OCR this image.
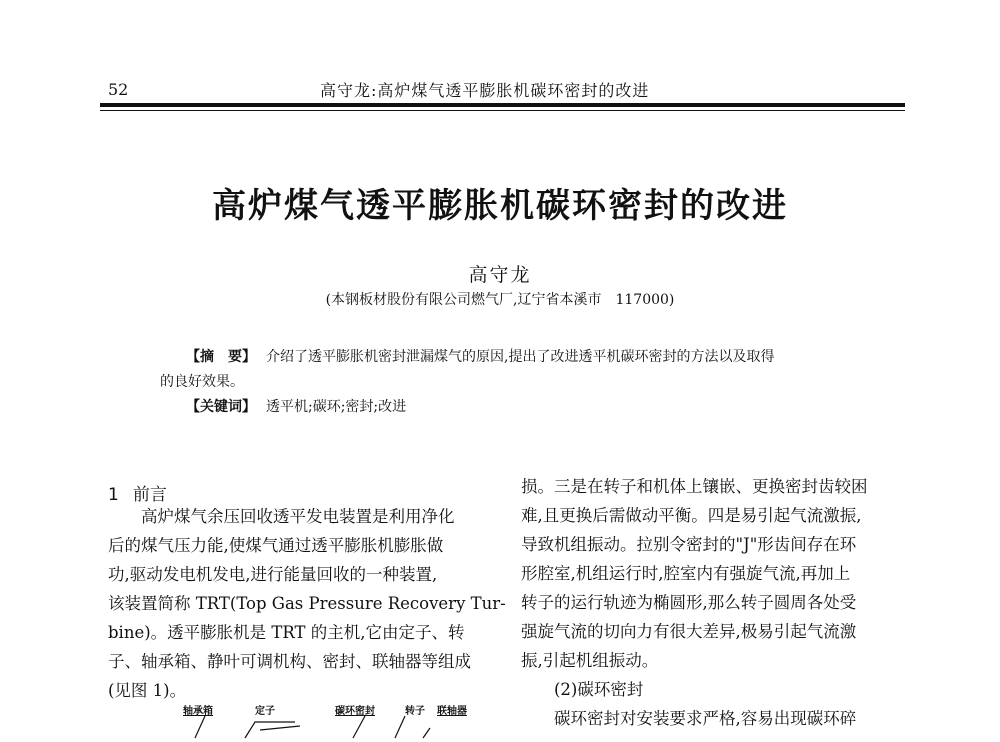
52	高守龙:高炉煤气透平膨胀机碳环密封的改进
高炉煤气透平膨胀机碳环密封的改进
高守龙
(本钢板材股份有限公司燃气厂,辽宁省本溪市　117000)
【摘　要】 介绍了透平膨胀机密封泄漏煤气的原因,提出了改进透平机碳环密封的方法以及取得
的良好效果。
【关键词】 透平机;碳环;密封;改进
1 前言
高炉煤气余压回收透平发电装置是利用净化
后的煤气压力能,使煤气通过透平膨胀机膨胀做
功,驱动发电机发电,进行能量回收的一种装置,
该装置简称 TRT(Top Gas Pressure Recovery Tur-
bine)。透平膨胀机是 TRT 的主机,它由定子、转
子、轴承箱、静叶可调机构、密封、联轴器等组成
(见图 1)。
损。三是在转子和机体上镶嵌、更换密封齿较困
难,且更换后需做动平衡。四是易引起气流激振,
导致机组振动。拉别令密封的"J"形齿间存在环
形腔室,机组运行时,腔室内有强旋气流,再加上
转子的运行轨迹为椭圆形,那么转子圆周各处受
强旋气流的切向力有很大差异,极易引起气流激
振,引起机组振动。
(2)碳环密封
碳环密封对安装要求严格,容易出现碳环碎
轴承箱	定子	碳环密封	转子 联轴器
